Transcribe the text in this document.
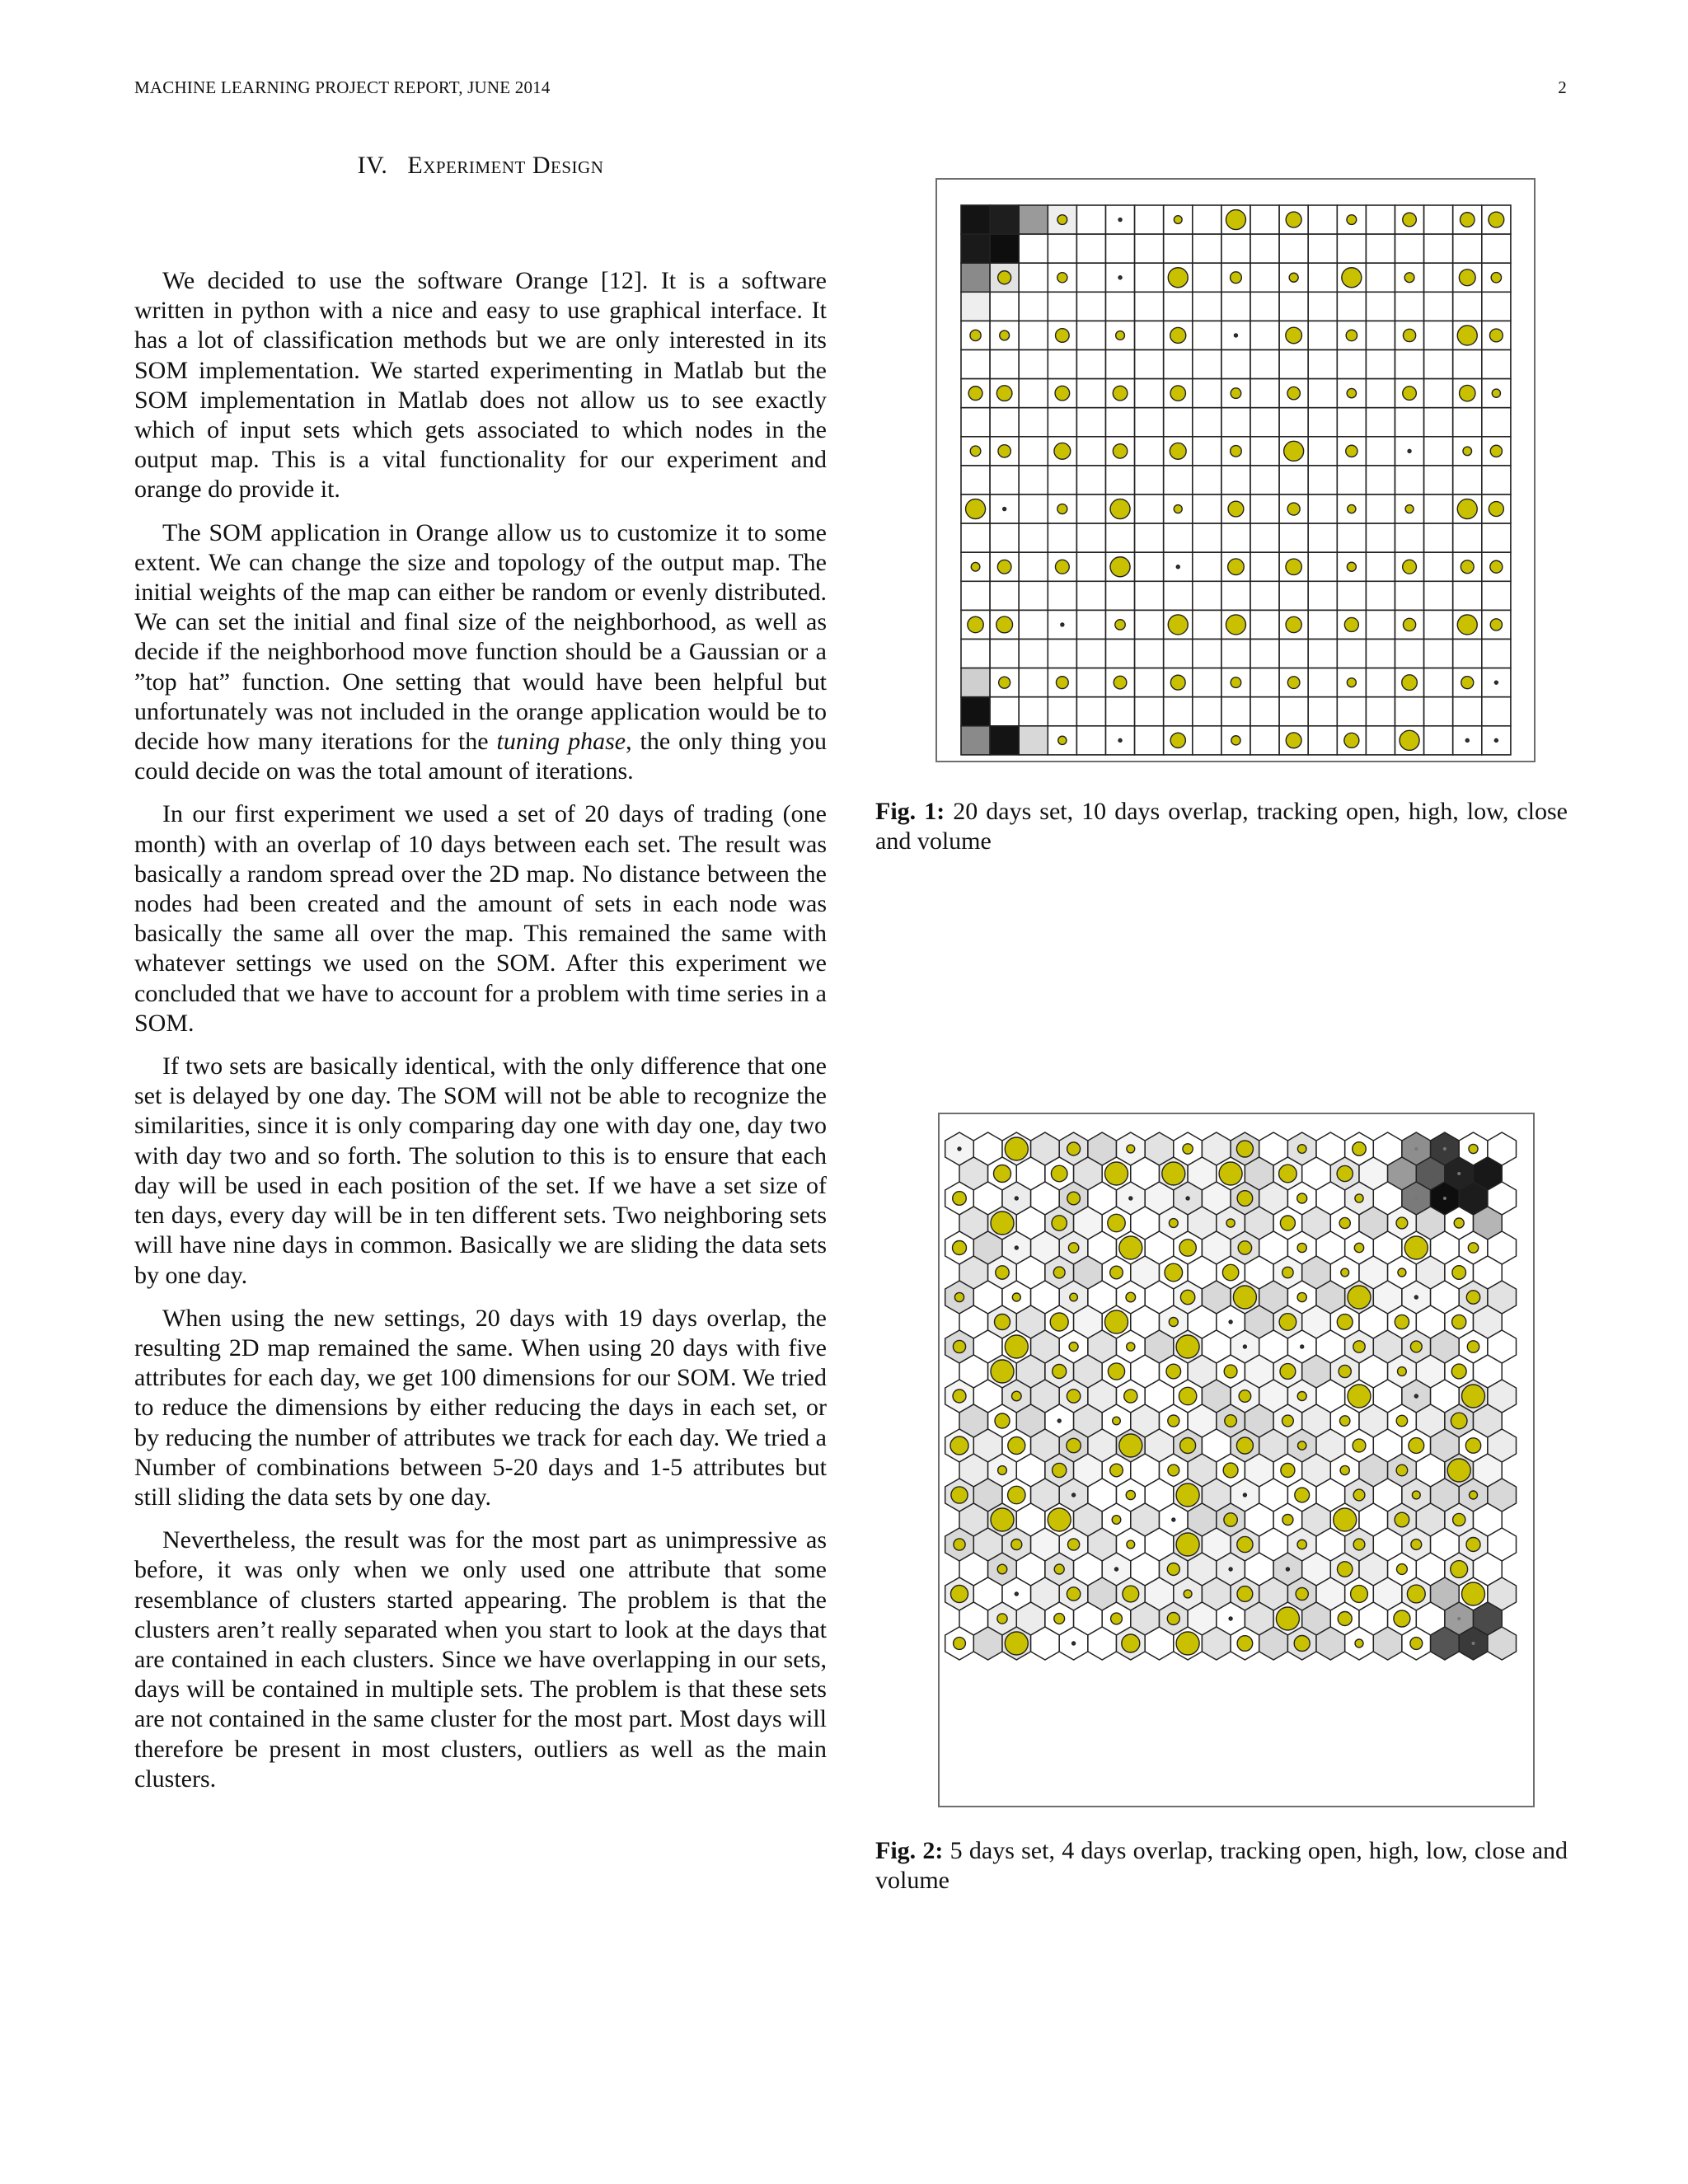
MACHINE LEARNING PROJECT REPORT, JUNE 2014	2
IV. Experiment Design

We decided to use the software Orange [12]. It is a software written in python with a nice and easy to use graphical interface. It has a lot of classification methods but we are only interested in its SOM implementation. We started experimenting in Matlab but the SOM implementation in Matlab does not allow us to see exactly which of input sets which gets associated to which nodes in the output map. This is a vital functionality for our experiment and orange do provide it.

The SOM application in Orange allow us to customize it to some extent. We can change the size and topology of the output map. The initial weights of the map can either be random or evenly distributed. We can set the initial and final size of the neighborhood, as well as decide if the neighborhood move function should be a Gaussian or a ”top hat” function. One setting that would have been helpful but unfortunately was not included in the orange application would be to decide how many iterations for the tuning phase, the only thing you could decide on was the total amount of iterations.

In our first experiment we used a set of 20 days of trading (one month) with an overlap of 10 days between each set. The result was basically a random spread over the 2D map. No distance between the nodes had been created and the amount of sets in each node was basically the same all over the map. This remained the same with whatever settings we used on the SOM. After this experiment we concluded that we have to account for a problem with time series in a SOM.

If two sets are basically identical, with the only difference that one set is delayed by one day. The SOM will not be able to recognize the similarities, since it is only comparing day one with day one, day two with day two and so forth. The solution to this is to ensure that each day will be used in each position of the set. If we have a set size of ten days, every day will be in ten different sets. Two neighboring sets will have nine days in common. Basically we are sliding the data sets by one day.

When using the new settings, 20 days with 19 days overlap, the resulting 2D map remained the same. When using 20 days with five attributes for each day, we get 100 dimensions for our SOM. We tried to reduce the dimensions by either reducing the days in each set, or by reducing the number of attributes we track for each day. We tried a Number of combinations between 5-20 days and 1-5 attributes but still sliding the data sets by one day.

Nevertheless, the result was for the most part as unimpressive as before, it was only when we only used one attribute that some resemblance of clusters started appearing. The problem is that the clusters aren’t really separated when you start to look at the days that are contained in each clusters. Since we have overlapping in our sets, days will be contained in multiple sets. The problem is that these sets are not contained in the same cluster for the most part. Most days will therefore be present in most clusters, outliers as well as the main clusters.

Fig. 1: 20 days set, 10 days overlap, tracking open, high, low, close and volume
Fig. 2: 5 days set, 4 days overlap, tracking open, high, low, close and volume
